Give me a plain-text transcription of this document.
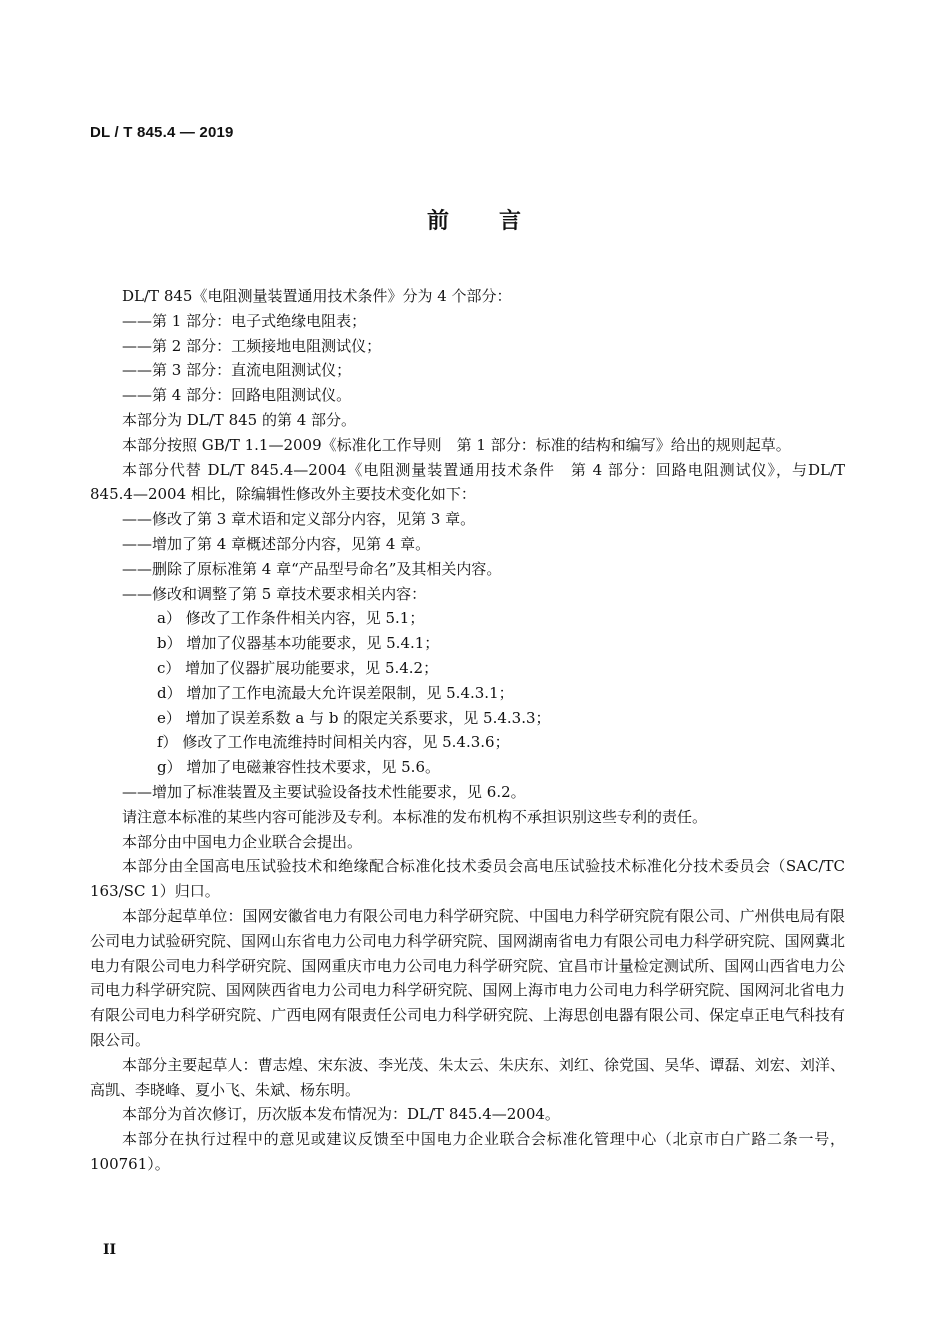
DL / T 845.4 — 2019
前　　言

DL/T 845《电阻测量装置通用技术条件》分为 4 个部分：

——第 1 部分：电子式绝缘电阻表；

——第 2 部分：工频接地电阻测试仪；

——第 3 部分：直流电阻测试仪；

——第 4 部分：回路电阻测试仪。

本部分为 DL/T 845 的第 4 部分。

本部分按照 GB/T 1.1—2009《标准化工作导则　第 1 部分：标准的结构和编写》给出的规则起草。

本部分代替 DL/T 845.4—2004《电阻测量装置通用技术条件　第 4 部分：回路电阻测试仪》，与DL/T 845.4—2004 相比，除编辑性修改外主要技术变化如下：

——修改了第 3 章术语和定义部分内容，见第 3 章。

——增加了第 4 章概述部分内容，见第 4 章。

——删除了原标准第 4 章“产品型号命名”及其相关内容。

——修改和调整了第 5 章技术要求相关内容：

a） 修改了工作条件相关内容，见 5.1；

b） 增加了仪器基本功能要求，见 5.4.1；

c） 增加了仪器扩展功能要求，见 5.4.2；

d） 增加了工作电流最大允许误差限制，见 5.4.3.1；

e） 增加了误差系数 a 与 b 的限定关系要求，见 5.4.3.3；

f） 修改了工作电流维持时间相关内容，见 5.4.3.6；

g） 增加了电磁兼容性技术要求，见 5.6。

——增加了标准装置及主要试验设备技术性能要求，见 6.2。

请注意本标准的某些内容可能涉及专利。本标准的发布机构不承担识别这些专利的责任。

本部分由中国电力企业联合会提出。

本部分由全国高电压试验技术和绝缘配合标准化技术委员会高电压试验技术标准化分技术委员会（SAC/TC 163/SC 1）归口。

本部分起草单位：国网安徽省电力有限公司电力科学研究院、中国电力科学研究院有限公司、广州供电局有限公司电力试验研究院、国网山东省电力公司电力科学研究院、国网湖南省电力有限公司电力科学研究院、国网冀北电力有限公司电力科学研究院、国网重庆市电力公司电力科学研究院、宜昌市计量检定测试所、国网山西省电力公司电力科学研究院、国网陕西省电力公司电力科学研究院、国网上海市电力公司电力科学研究院、国网河北省电力有限公司电力科学研究院、广西电网有限责任公司电力科学研究院、上海思创电器有限公司、保定卓正电气科技有限公司。

本部分主要起草人：曹志煌、宋东波、李光茂、朱太云、朱庆东、刘红、徐党国、吴华、谭磊、刘宏、刘洋、高凯、李晓峰、夏小飞、朱斌、杨东明。

本部分为首次修订，历次版本发布情况为：DL/T 845.4—2004。

本部分在执行过程中的意见或建议反馈至中国电力企业联合会标准化管理中心（北京市白广路二条一号，100761）。

II
